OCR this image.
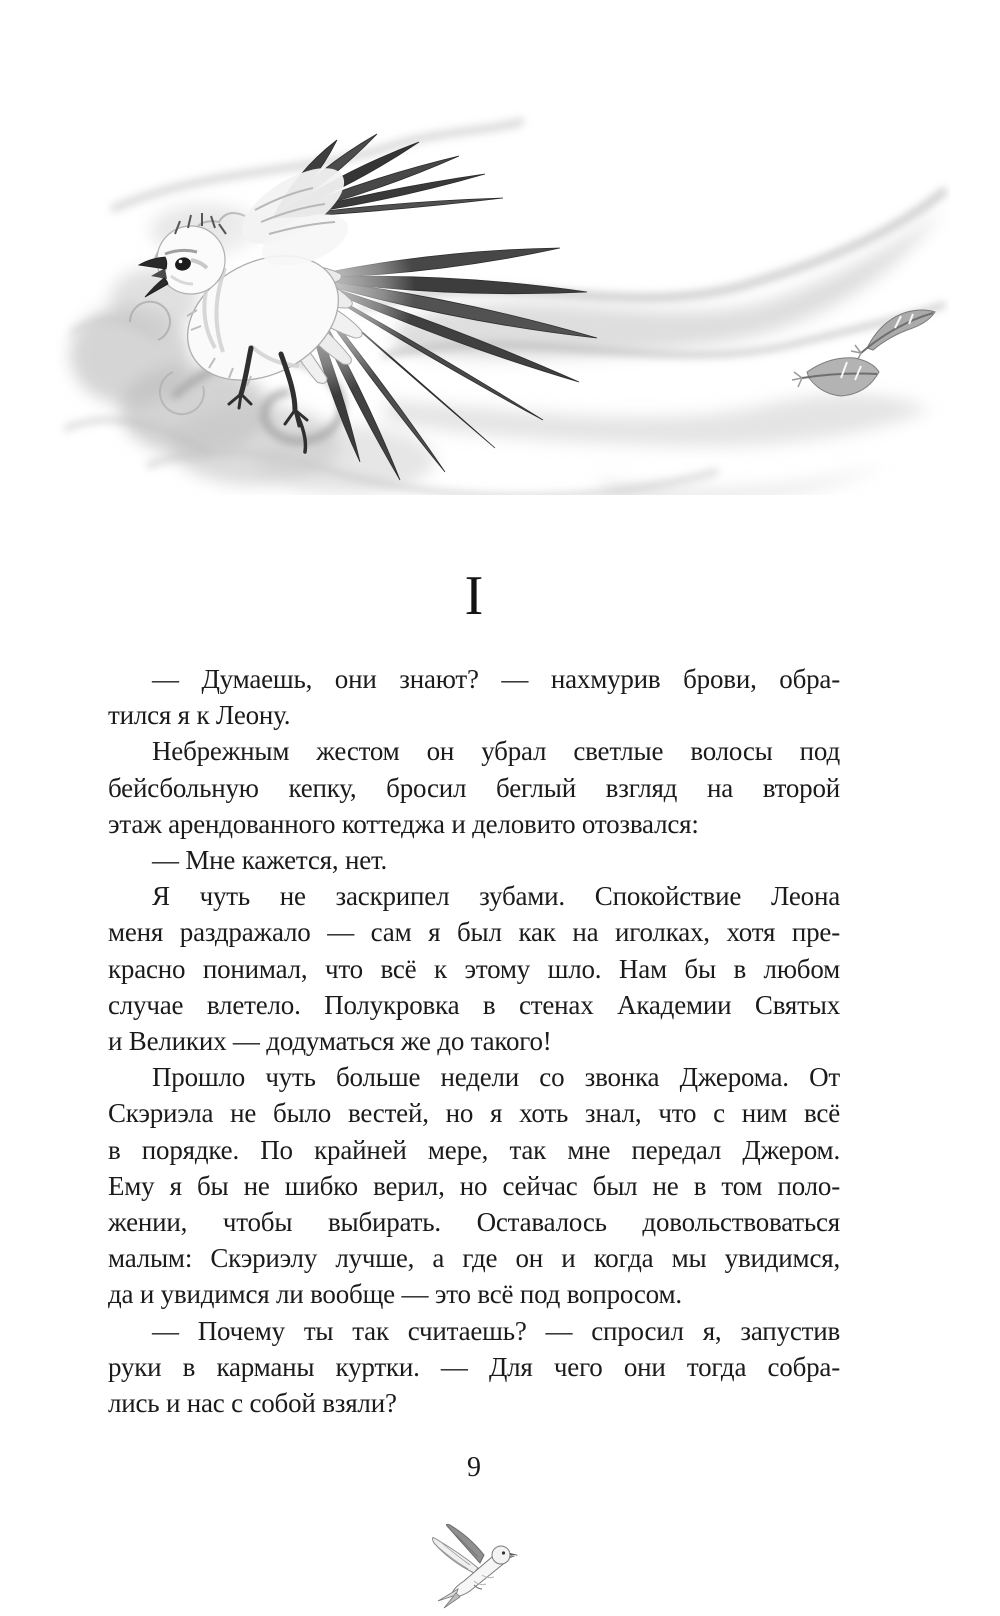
I
— Думаешь, они знают? — нахмурив брови, обра-
тился я к Леону.
Небрежным жестом он убрал светлые волосы под
бейсбольную кепку, бросил беглый взгляд на второй
этаж арендованного коттеджа и деловито отозвался:
— Мне кажется, нет.
Я чуть не заскрипел зубами. Спокойствие Леона
меня раздражало — сам я был как на иголках, хотя пре-
красно понимал, что всё к этому шло. Нам бы в любом
случае влетело. Полукровка в стенах Академии Святых
и Великих — додуматься же до такого!
Прошло чуть больше недели со звонка Джерома. От
Скэриэла не было вестей, но я хоть знал, что с ним всё
в порядке. По крайней мере, так мне передал Джером.
Ему я бы не шибко верил, но сейчас был не в том поло-
жении, чтобы выбирать. Оставалось довольствоваться
малым: Скэриэлу лучше, а где он и когда мы увидимся,
да и увидимся ли вообще — это всё под вопросом.
— Почему ты так считаешь? — спросил я, запустив
руки в карманы куртки. — Для чего они тогда собра-
лись и нас с собой взяли?
9
